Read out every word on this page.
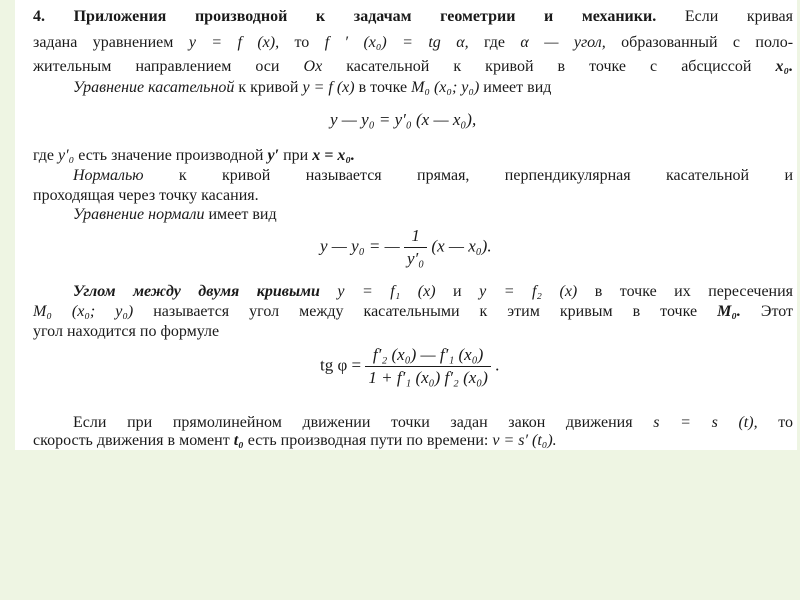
4. Приложения производной к задачам геометрии и механики. Если кривая
задана уравнением y = f (x), то f ′ (x₀) = tg α, где α — угол, образованный с поло-
жительным направлением оси Ox касательной к кривой в точке с абсциссой x₀.
Уравнение касательной к кривой y = f (x) в точке M₀ (x₀; y₀) имеет вид
y — y₀ = y′₀ (x — x₀),
где y′₀ есть значение производной y′ при x = x₀.
Нормалью к кривой называется прямая, перпендикулярная касательной и
проходящая через точку касания.
Уравнение нормали имеет вид
y — y₀ = — $\frac{1}{\text{y′₀}} (x$ — x₀).
Углом между двумя кривыми y = f₁ (x) и y = f₂ (x) в точке их пересечения
M₀ (x₀; y₀) называется угол между касательными к этим кривым в точке M₀. Этот
угол находится по формуле
tg $\varphi = \frac{\text{f′₂ (x₀) — f′₁ (x₀)}}{\text{1 + f′₁ (x₀) f′₂ (x₀)}}$ .
Если при прямолинейном движении точки задан закон движения s = s (t), то
скорость движения в момент t₀ есть производная пути по времени: v = s′ (t₀).
